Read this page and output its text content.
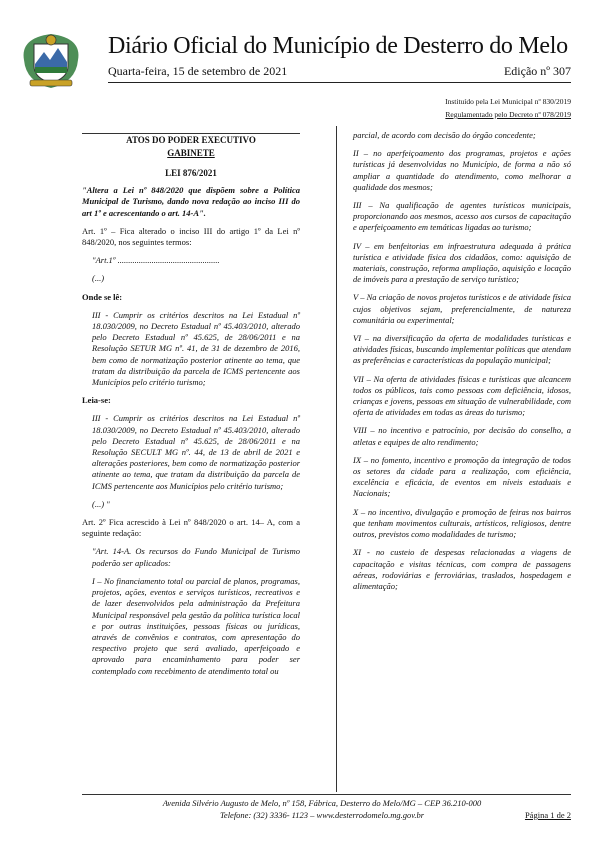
Diário Oficial do Município de Desterro do Melo
Quarta-feira, 15 de setembro de 2021	Edição nº 307
Instituído pela Lei Municipal nº 830/2019
Regulamentado pelo Decreto nº 078/2019
ATOS DO PODER EXECUTIVO
GABINETE
LEI 876/2021

"Altera a Lei nº 848/2020 que dispõem sobre a Política Municipal de Turismo, dando nova redação ao inciso III do art 1º e acrescentando o art. 14-A".

Art. 1º – Fica alterado o inciso III do artigo 1º da Lei nº 848/2020, nos seguintes termos:

"Art.1º ................................................

(...)

Onde se lê:

III - Cumprir os critérios descritos na Lei Estadual nº 18.030/2009, no Decreto Estadual nº 45.403/2010, alterado pelo Decreto Estadual nº 45.625, de 28/06/2011 e na Resolução SETUR MG nº. 41, de 31 de dezembro de 2016, bem como de normatização posterior atinente ao tema, que tratam da distribuição da parcela de ICMS pertencente aos Municípios pelo critério turismo;

Leia-se:

III - Cumprir os critérios descritos na Lei Estadual nº 18.030/2009, no Decreto Estadual nº 45.403/2010, alterado pelo Decreto Estadual nº 45.625, de 28/06/2011 e na Resolução SECULT MG nº. 44, de 13 de abril de 2021 e alterações posteriores, bem como de normatização posterior atinente ao tema, que tratam da distribuição da parcela de ICMS pertencente aos Municípios pelo critério turismo;

(...) "

Art. 2º Fica acrescido à Lei nº 848/2020 o art. 14– A, com a seguinte redação:

"Art. 14-A. Os recursos do Fundo Municipal de Turismo poderão ser aplicados:

I – No financiamento total ou parcial de planos, programas, projetos, ações, eventos e serviços turísticos, recreativos e de lazer desenvolvidos pela administração da Prefeitura Municipal responsável pela gestão da política turística local e por outras instituições, pessoas físicas ou jurídicas, através de convênios e contratos, com apresentação do respectivo projeto que será avaliado, aperfeiçoado e aprovado para encaminhamento para poder ser contemplado com recebimento de atendimento total ou

parcial, de acordo com decisão do órgão concedente;

II – no aperfeiçoamento dos programas, projetos e ações turísticas já desenvolvidas no Município, de forma a não só ampliar a quantidade do atendimento, como melhorar a qualidade dos mesmos;

III – Na qualificação de agentes turísticos municipais, proporcionando aos mesmos, acesso aos cursos de capacitação e aperfeiçoamento em temáticas ligadas ao turismo;

IV – em benfeitorias em infraestrutura adequada à prática turística e atividade física dos cidadãos, como: aquisição de materiais, construção, reforma ampliação, aquisição e locação de imóveis para a prestação de serviço turístico;

V – Na criação de novos projetos turísticos e de atividade física cujos objetivos sejam, preferencialmente, de natureza comunitária ou experimental;

VI – na diversificação da oferta de modalidades turísticas e atividades físicas, buscando implementar políticas que atendam as preferências e características da população municipal;

VII – Na oferta de atividades físicas e turísticas que alcancem todos os públicos, tais como pessoas com deficiência, idosos, crianças e jovens, pessoas em situação de vulnerabilidade, com oferta de atividades em todas as áreas do turismo;

VIII – no incentivo e patrocínio, por decisão do conselho, a atletas e equipes de alto rendimento;

IX – no fomento, incentivo e promoção da integração de todos os setores da cidade para a realização, com eficiência, excelência e eficácia, de eventos em níveis estaduais e Nacionais;

X – no incentivo, divulgação e promoção de feiras nos bairros que tenham movimentos culturais, artísticos, religiosos, dentre outros, previstos como modalidades de turismo;

XI - no custeio de despesas relacionadas a viagens de capacitação e visitas técnicas, com compra de passagens aéreas, rodoviárias e ferroviárias, traslados, hospedagem e alimentação;

Avenida Silvério Augusto de Melo, nº 158, Fábrica, Desterro do Melo/MG – CEP 36.210-000
Telefone: (32) 3336- 1123 – www.desterrodomelo.mg.gov.br	Página 1 de 2
